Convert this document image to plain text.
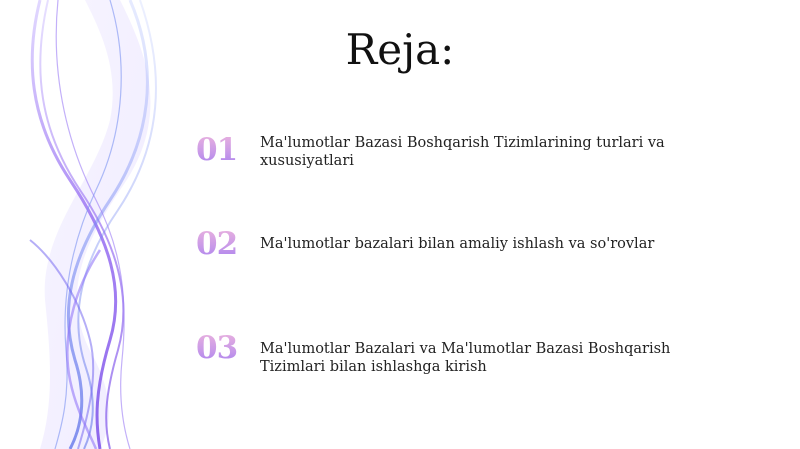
Reja:
01	Ma'lumotlar Bazasi Boshqarish Tizimlarining turlari va xususiyatlari
02	Ma'lumotlar bazalari bilan amaliy ishlash va so'rovlar
03	Ma'lumotlar Bazalari va Ma'lumotlar Bazasi Boshqarish Tizimlari bilan ishlashga kirish
